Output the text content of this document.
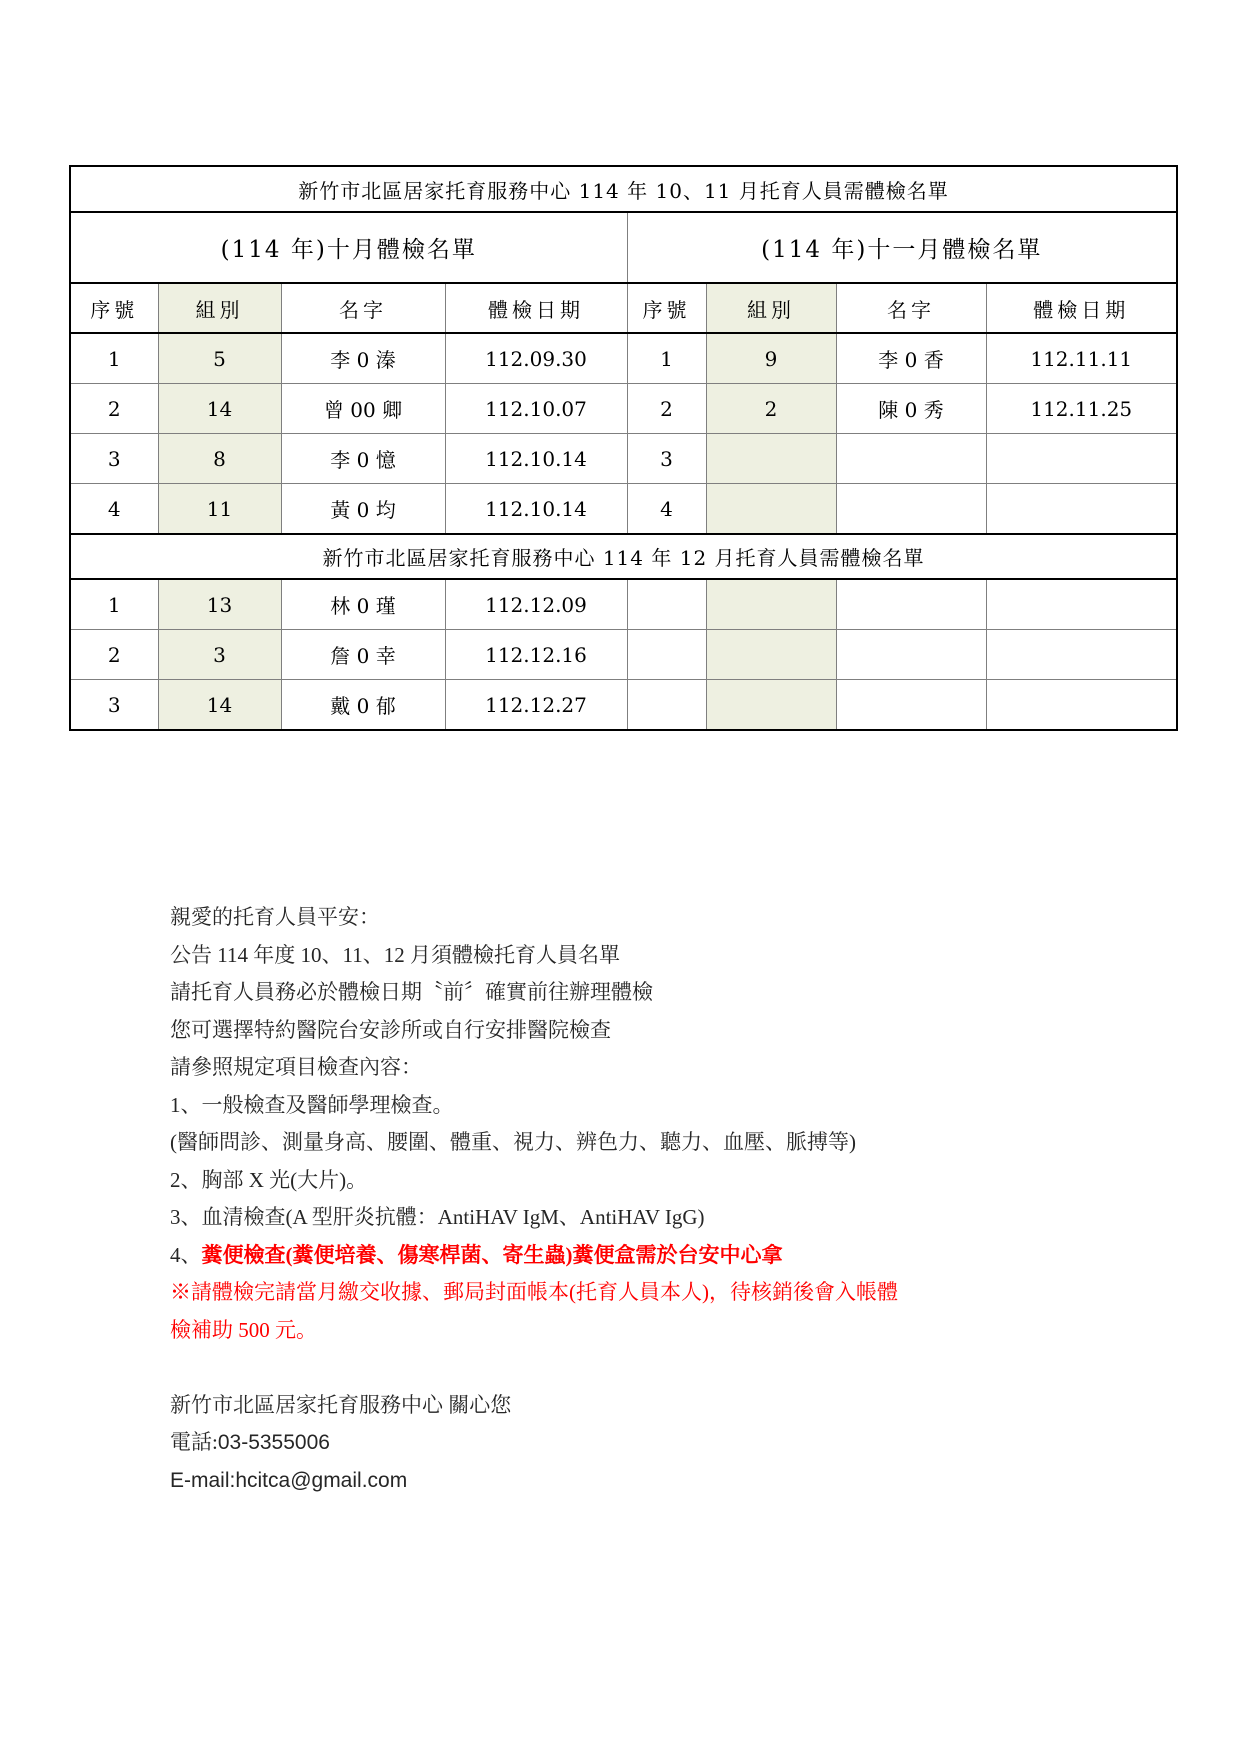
新竹市北區居家托育服務中心 114 年 10、11 月托育人員需體檢名單							
(114 年)十月體檢名單				(114 年)十一月體檢名單			
序號	組別	名字	體檢日期	序號	組別	名字	體檢日期
1	5	李 0 溱	112.09.30	1	9	李 0 香	112.11.11
2	14	曾 00 卿	112.10.07	2	2	陳 0 秀	112.11.25
3	8	李 0 憶	112.10.14	3			
4	11	黃 0 均	112.10.14	4			
新竹市北區居家托育服務中心 114 年 12 月托育人員需體檢名單							
1	13	林 0 瑾	112.12.09				
2	3	詹 0 幸	112.12.16				
3	14	戴 0 郁	112.12.27				

親愛的托育人員平安：

公告 114 年度 10、11、12 月須體檢托育人員名單

請托育人員務必於體檢日期〝前〞確實前往辦理體檢

您可選擇特約醫院台安診所或自行安排醫院檢查

請參照規定項目檢查內容：

1、一般檢查及醫師學理檢查。

(醫師問診、測量身高、腰圍、體重、視力、辨色力、聽力、血壓、脈搏等)

2、胸部 X 光(大片)。

3、血清檢查(A 型肝炎抗體：AntiHAV IgM、AntiHAV IgG)

4、糞便檢查(糞便培養、傷寒桿菌、寄生蟲)糞便盒需於台安中心拿

※請體檢完請當月繳交收據、郵局封面帳本(托育人員本人)，待核銷後會入帳體

檢補助 500 元。

新竹市北區居家托育服務中心 關心您

電話:03-5355006

E-mail:hcitca@gmail.com
